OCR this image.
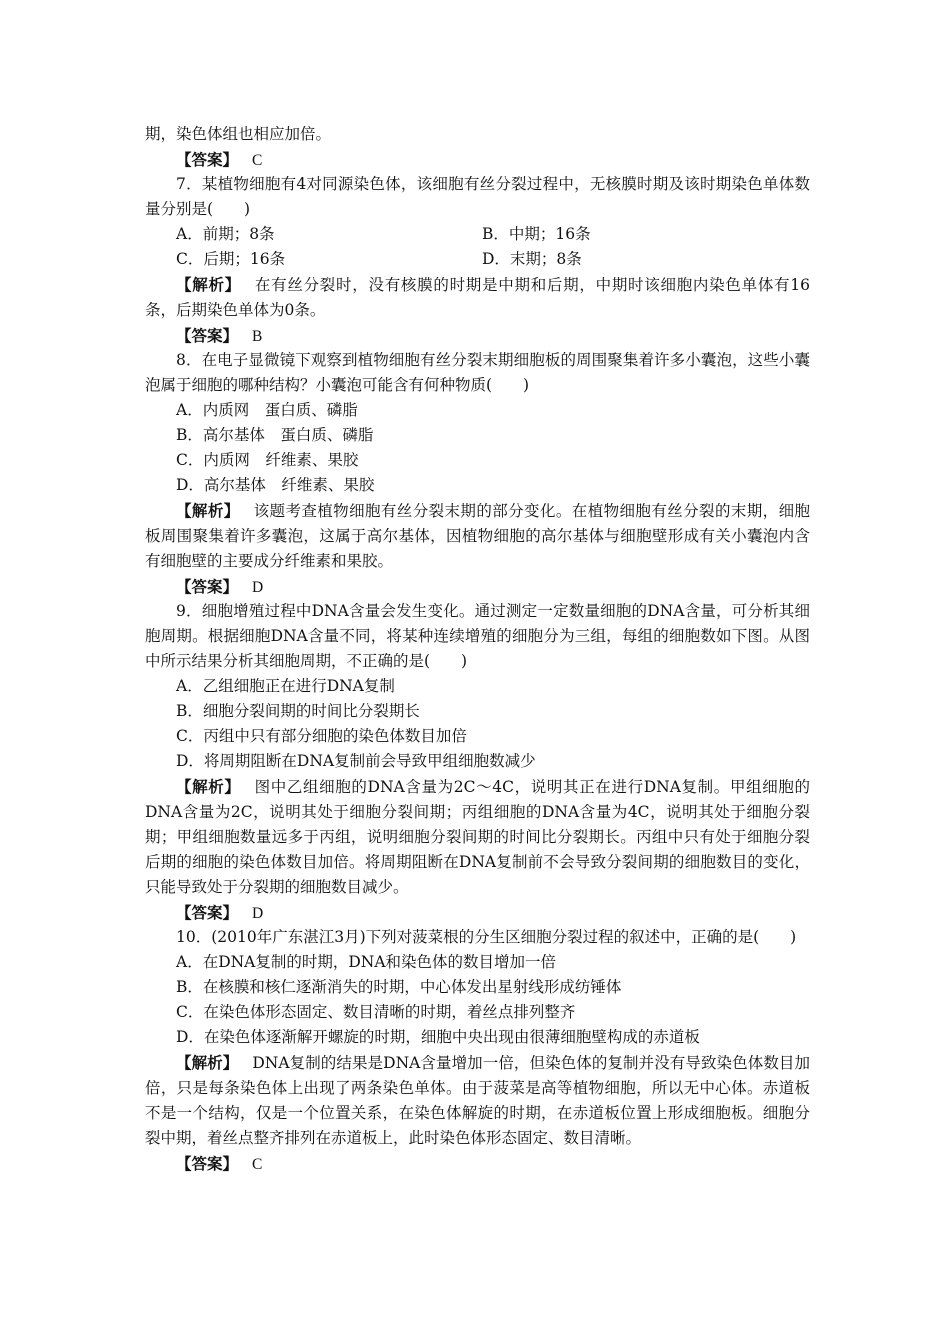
期，染色体组也相应加倍。
【答案】 C
7．某植物细胞有4对同源染色体，该细胞有丝分裂过程中，无核膜时期及该时期染色单体数量分别是(　　)
A．前期；8条	B．中期；16条
C．后期；16条	D．末期；8条
【解析】 在有丝分裂时，没有核膜的时期是中期和后期，中期时该细胞内染色单体有16条，后期染色单体为0条。
【答案】 B
8．在电子显微镜下观察到植物细胞有丝分裂末期细胞板的周围聚集着许多小囊泡，这些小囊泡属于细胞的哪种结构？小囊泡可能含有何种物质(　　)
A．内质网　蛋白质、磷脂
B．高尔基体　蛋白质、磷脂
C．内质网　纤维素、果胶
D．高尔基体　纤维素、果胶
【解析】 该题考查植物细胞有丝分裂末期的部分变化。在植物细胞有丝分裂的末期，细胞板周围聚集着许多囊泡，这属于高尔基体，因植物细胞的高尔基体与细胞壁形成有关小囊泡内含有细胞壁的主要成分纤维素和果胶。
【答案】 D
9．细胞增殖过程中DNA含量会发生变化。通过测定一定数量细胞的DNA含量，可分析其细胞周期。根据细胞DNA含量不同，将某种连续增殖的细胞分为三组，每组的细胞数如下图。从图中所示结果分析其细胞周期，不正确的是(　　)
A．乙组细胞正在进行DNA复制
B．细胞分裂间期的时间比分裂期长
C．丙组中只有部分细胞的染色体数目加倍
D．将周期阻断在DNA复制前会导致甲组细胞数减少
【解析】 图中乙组细胞的DNA含量为2C～4C，说明其正在进行DNA复制。甲组细胞的DNA含量为2C，说明其处于细胞分裂间期；丙组细胞的DNA含量为4C，说明其处于细胞分裂期；甲组细胞数量远多于丙组，说明细胞分裂间期的时间比分裂期长。丙组中只有处于细胞分裂后期的细胞的染色体数目加倍。将周期阻断在DNA复制前不会导致分裂间期的细胞数目的变化，只能导致处于分裂期的细胞数目减少。
【答案】 D
10．(2010年广东湛江3月)下列对菠菜根的分生区细胞分裂过程的叙述中，正确的是(　　)
A．在DNA复制的时期，DNA和染色体的数目增加一倍
B．在核膜和核仁逐渐消失的时期，中心体发出星射线形成纺锤体
C．在染色体形态固定、数目清晰的时期，着丝点排列整齐
D．在染色体逐渐解开螺旋的时期，细胞中央出现由很薄细胞壁构成的赤道板
【解析】 DNA复制的结果是DNA含量增加一倍，但染色体的复制并没有导致染色体数目加倍，只是每条染色体上出现了两条染色单体。由于菠菜是高等植物细胞，所以无中心体。赤道板不是一个结构，仅是一个位置关系，在染色体解旋的时期，在赤道板位置上形成细胞板。细胞分裂中期，着丝点整齐排列在赤道板上，此时染色体形态固定、数目清晰。
【答案】 C
